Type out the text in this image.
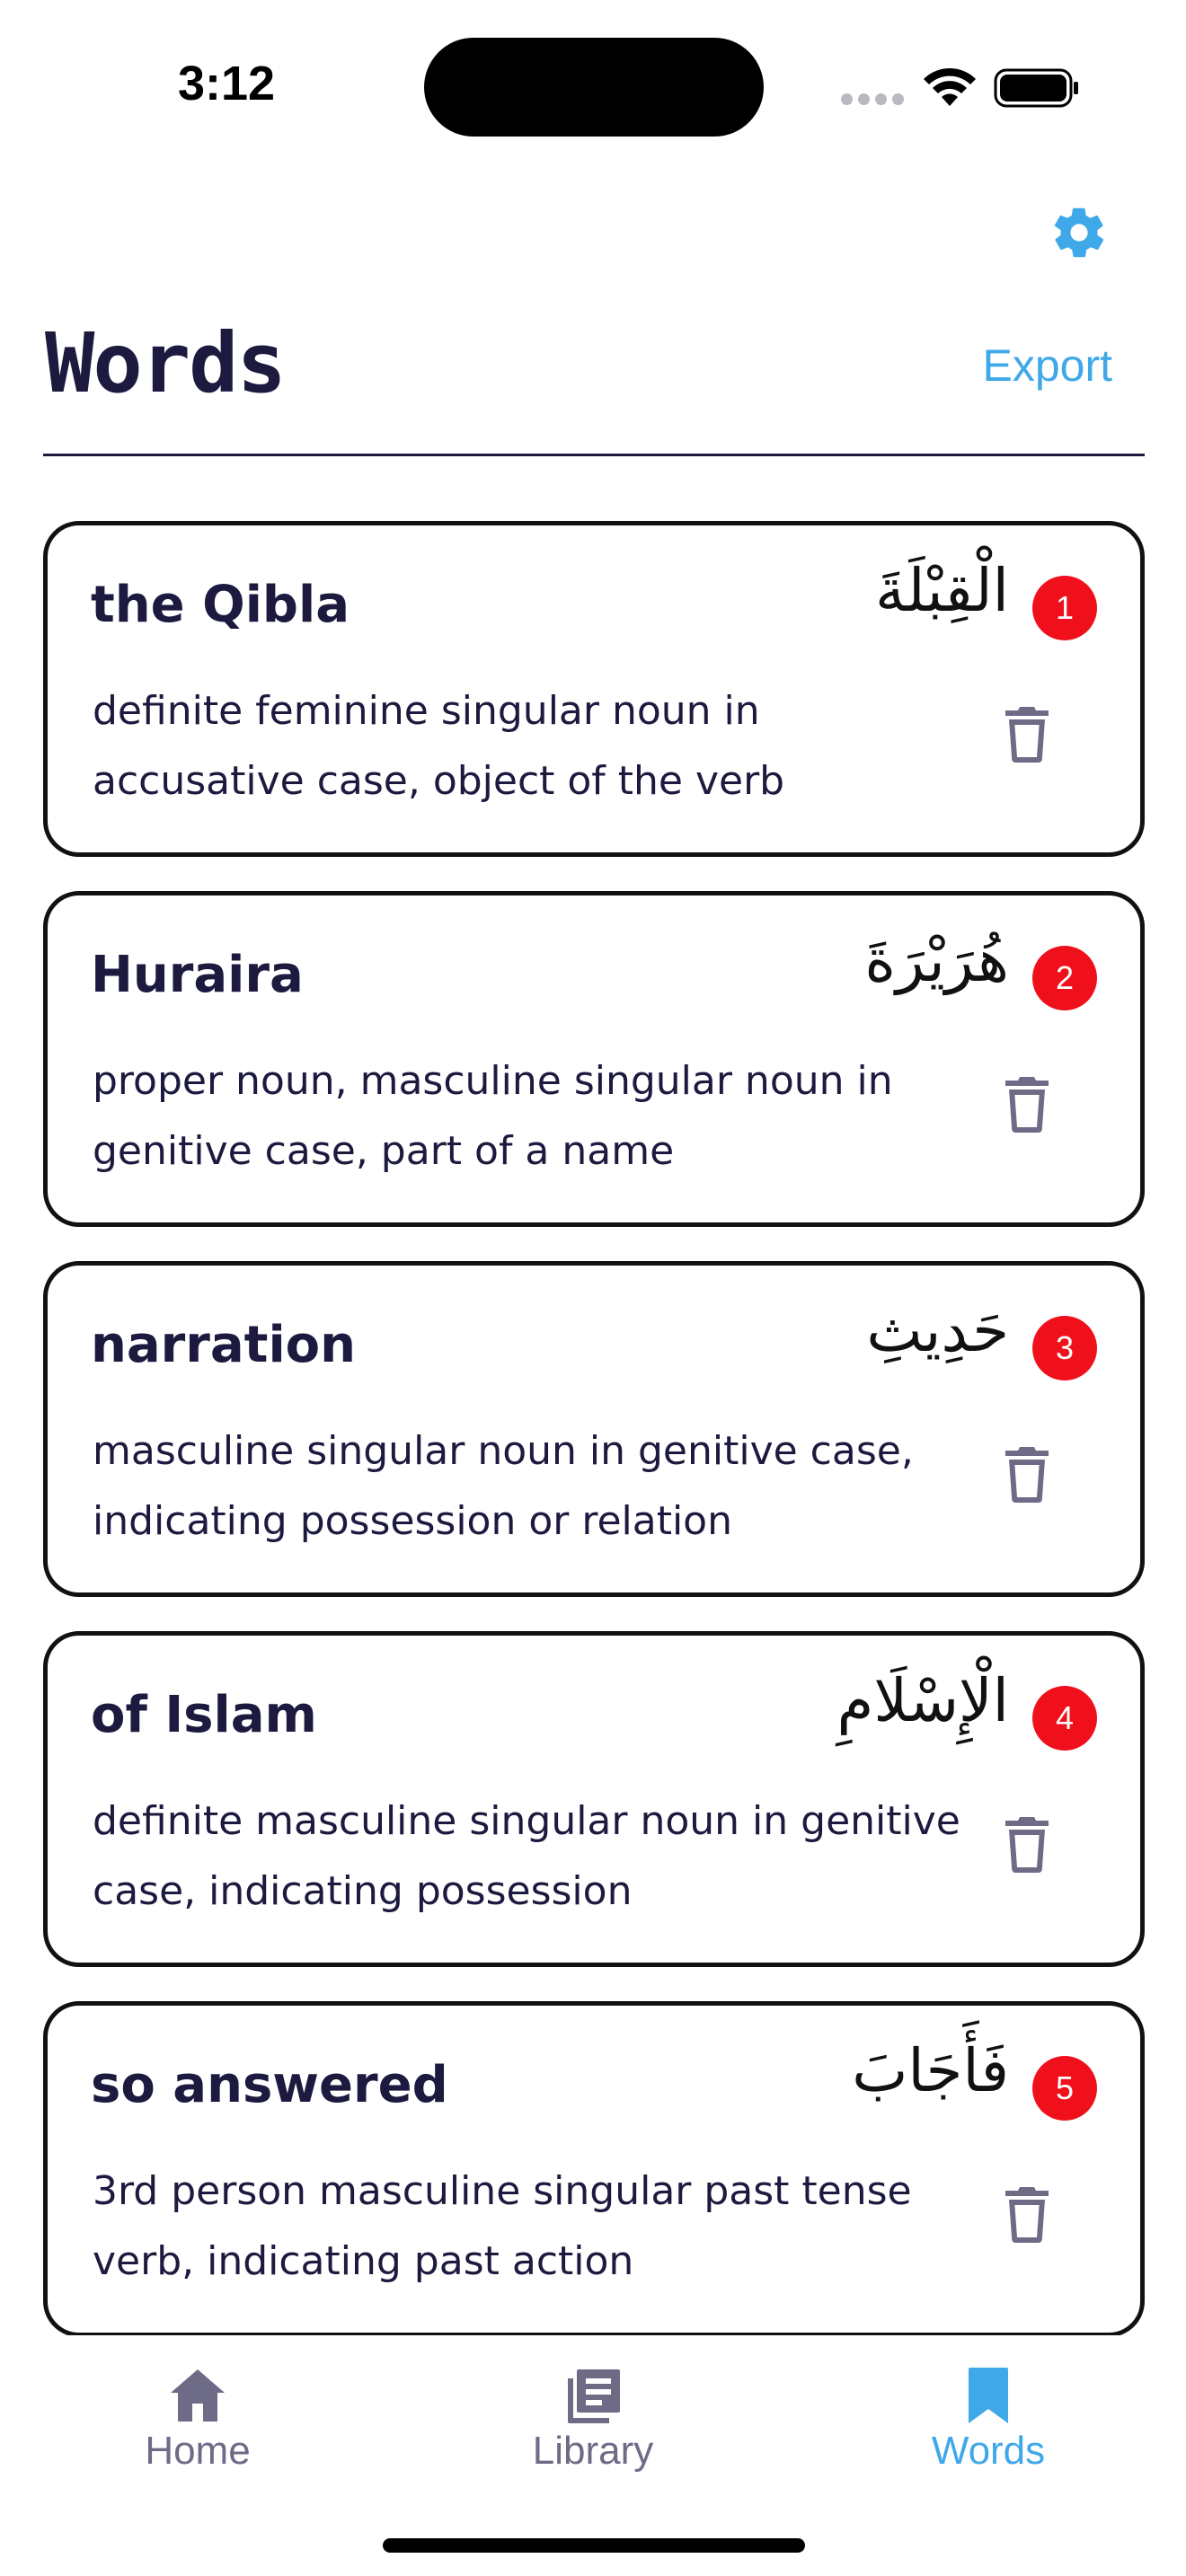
3:12
Words	Export
the Qibla	الْقِبْلَةَ	1

definite feminine singular noun in accusative case, object of the verb

Huraira	هُرَيْرَةَ	2

proper noun, masculine singular noun in genitive case, part of a name

narration	حَدِيثِ	3

masculine singular noun in genitive case, indicating possession or relation

of Islam	الْإِسْلَامِ	4

definite masculine singular noun in genitive case, indicating possession

so answered	فَأَجَابَ	5

3rd person masculine singular past tense verb, indicating past action

Home	Library	Words
